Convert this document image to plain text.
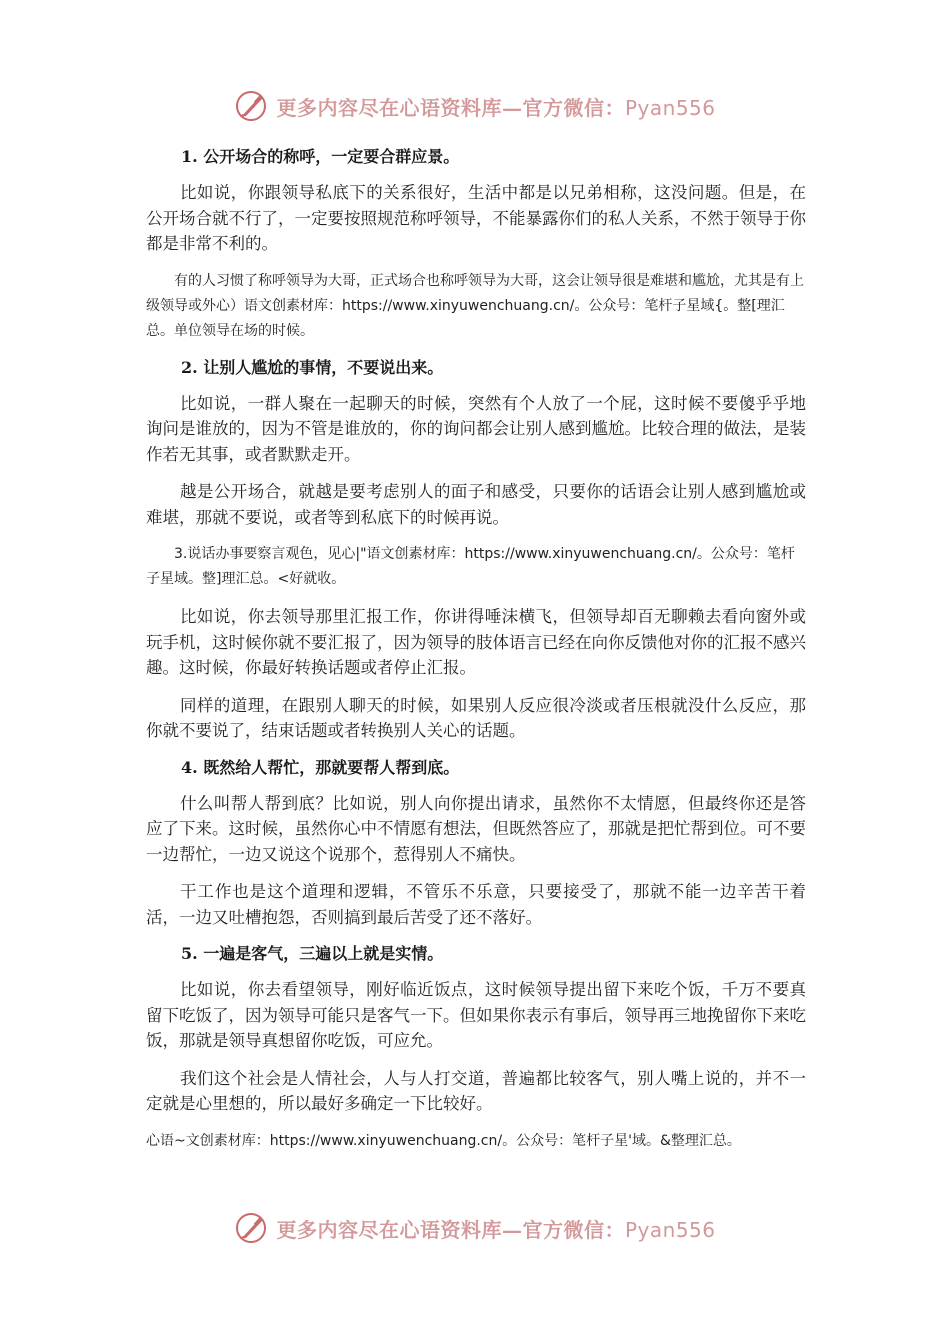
更多内容尽在心语资料库—官方微信：Pyan556
1. 公开场合的称呼，一定要合群应景。
比如说，你跟领导私底下的关系很好，生活中都是以兄弟相称，这没问题。但是，在公开场合就不行了，一定要按照规范称呼领导，不能暴露你们的私人关系，不然于领导于你都是非常不利的。
有的人习惯了称呼领导为大哥，正式场合也称呼领导为大哥，这会让领导很是难堪和尴尬，尤其是有上级领导或外心）语文创素材库：https://www.xinyuwenchuang.cn/。公众号：笔杆子星域{。整[理汇总。单位领导在场的时候。
2. 让别人尴尬的事情，不要说出来。
比如说，一群人聚在一起聊天的时候，突然有个人放了一个屁，这时候不要傻乎乎地询问是谁放的，因为不管是谁放的，你的询问都会让别人感到尴尬。比较合理的做法，是装作若无其事，或者默默走开。
越是公开场合，就越是要考虑别人的面子和感受，只要你的话语会让别人感到尴尬或难堪，那就不要说，或者等到私底下的时候再说。
3.说话办事要察言观色，见心|"语文创素材库：https://www.xinyuwenchuang.cn/。公众号：笔杆子星域。整]理汇总。<好就收。
比如说，你去领导那里汇报工作，你讲得唾沫横飞，但领导却百无聊赖去看向窗外或玩手机，这时候你就不要汇报了，因为领导的肢体语言已经在向你反馈他对你的汇报不感兴趣。这时候，你最好转换话题或者停止汇报。
同样的道理，在跟别人聊天的时候，如果别人反应很冷淡或者压根就没什么反应，那你就不要说了，结束话题或者转换别人关心的话题。
4. 既然给人帮忙，那就要帮人帮到底。
什么叫帮人帮到底？比如说，别人向你提出请求，虽然你不太情愿，但最终你还是答应了下来。这时候，虽然你心中不情愿有想法，但既然答应了，那就是把忙帮到位。可不要一边帮忙，一边又说这个说那个，惹得别人不痛快。
干工作也是这个道理和逻辑，不管乐不乐意，只要接受了，那就不能一边辛苦干着活，一边又吐槽抱怨，否则搞到最后苦受了还不落好。
5. 一遍是客气，三遍以上就是实情。
比如说，你去看望领导，刚好临近饭点，这时候领导提出留下来吃个饭，千万不要真留下吃饭了，因为领导可能只是客气一下。但如果你表示有事后，领导再三地挽留你下来吃饭，那就是领导真想留你吃饭，可应允。
我们这个社会是人情社会，人与人打交道，普遍都比较客气，别人嘴上说的，并不一定就是心里想的，所以最好多确定一下比较好。
心语~文创素材库：https://www.xinyuwenchuang.cn/。公众号：笔杆子星'域。&整理汇总。
更多内容尽在心语资料库—官方微信：Pyan556
